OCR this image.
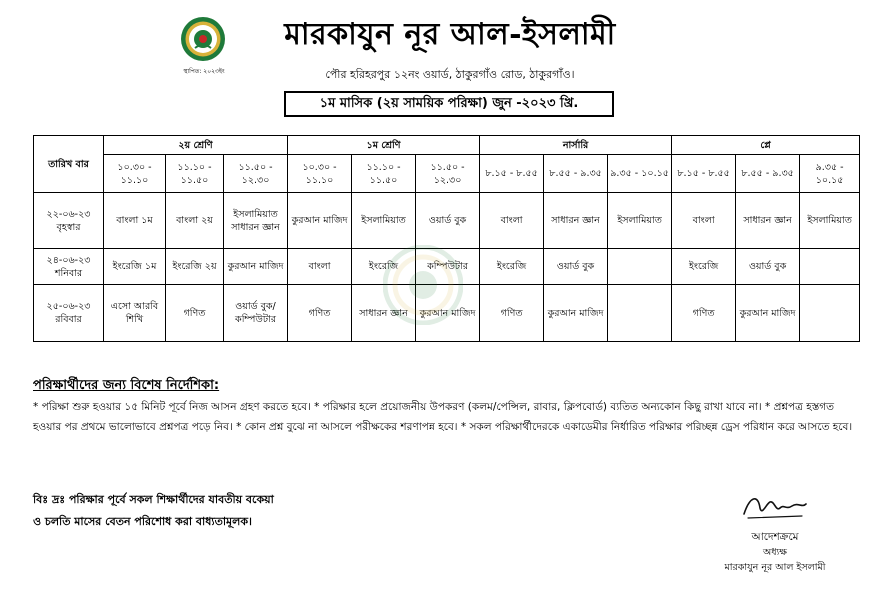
স্থাপিত: ২০২৩ইং
মারকাযুন নূর আল-ইসলামী
পৌর হরিহরপুর ১২নং ওয়ার্ড, ঠাকুরগাঁও রোড, ঠাকুরগাঁও।
১ম মাসিক (২য় সাময়িক পরিক্ষা) জুন -২০২৩ খ্রি.
তারিখ বার	২য় শ্রেণি			১ম শ্রেণি			নার্সারি			প্লে		
	১০.৩০ - ১১.১০	১১.১০ - ১১.৫০	১১.৫০ - ১২.৩০	১০.৩০ - ১১.১০	১১.১০ - ১১.৫০	১১.৫০ - ১২.৩০	৮.১৫ - ৮.৫৫	৮.৫৫ - ৯.৩৫	৯.৩৫ - ১০.১৫	৮.১৫ - ৮.৫৫	৮.৫৫ - ৯.৩৫	৯.৩৫ - ১০.১৫

২২-০৬-২৩
বৃহস্বার	বাংলা ১ম	বাংলা ২য়	ইসলামিয়াত সাধারন জ্ঞান	কুরআন মাজিদ	ইসলামিয়াত	ওয়ার্ড বুক	বাংলা	সাধারন জ্ঞান	ইসলামিয়াত	বাংলা	সাধারন জ্ঞান	ইসলামিয়াত

২৪-০৬-২৩
শনিবার	ইংরেজি ১ম	ইংরেজি ২য়	কুরআন মাজিদ	বাংলা	ইংরেজি	কম্পিউটার	ইংরেজি	ওয়ার্ড বুক		ইংরেজি	ওয়ার্ড বুক	

২৫-০৬-২৩
রবিবার	এসো আরবি শিখি	গণিত	ওয়ার্ড বুক/ কম্পিউটার	গণিত	সাধারন জ্ঞান	কুরআন মাজিদ	গণিত	কুরআন মাজিদ		গণিত	কুরআন মাজিদ	
পরিক্ষার্থীদের জন্য বিশেষ নির্দেশিকা:
* পরিক্ষা শুরু হওয়ার ১৫ মিনিট পূর্বে নিজ আসন গ্রহণ করতে হবে। * পরিক্ষার হলে প্রয়োজনীয় উপকরণ (কলম/পেন্সিল, রাবার, ক্লিপবোর্ড) ব্যতিত অন্যকোন কিছু রাখা যাবে না। * প্রশ্নপত্র হস্তগত হওয়ার পর প্রথমে ভালোভাবে প্রশ্নপত্র পড়ে নিব। * কোন প্রশ্ন বুঝে না আসলে পরীক্ষকের শরণাপন্ন হবে। * সকল পরিক্ষার্থীদেরকে একাডেমীর নির্ধারিত পরিক্ষার পরিচ্ছন্ন ড্রেস পরিধান করে আসতে হবে।
বিঃ দ্রঃ পরিক্ষার পূর্বে সকল শিক্ষার্থীদের যাবতীয় বকেয়া
ও চলতি মাসের বেতন পরিশোধ করা বাধ্যতামূলক।
আদেশক্রমে
অধ্যক্ষ
মারকাযুন নূর আল ইসলামী
